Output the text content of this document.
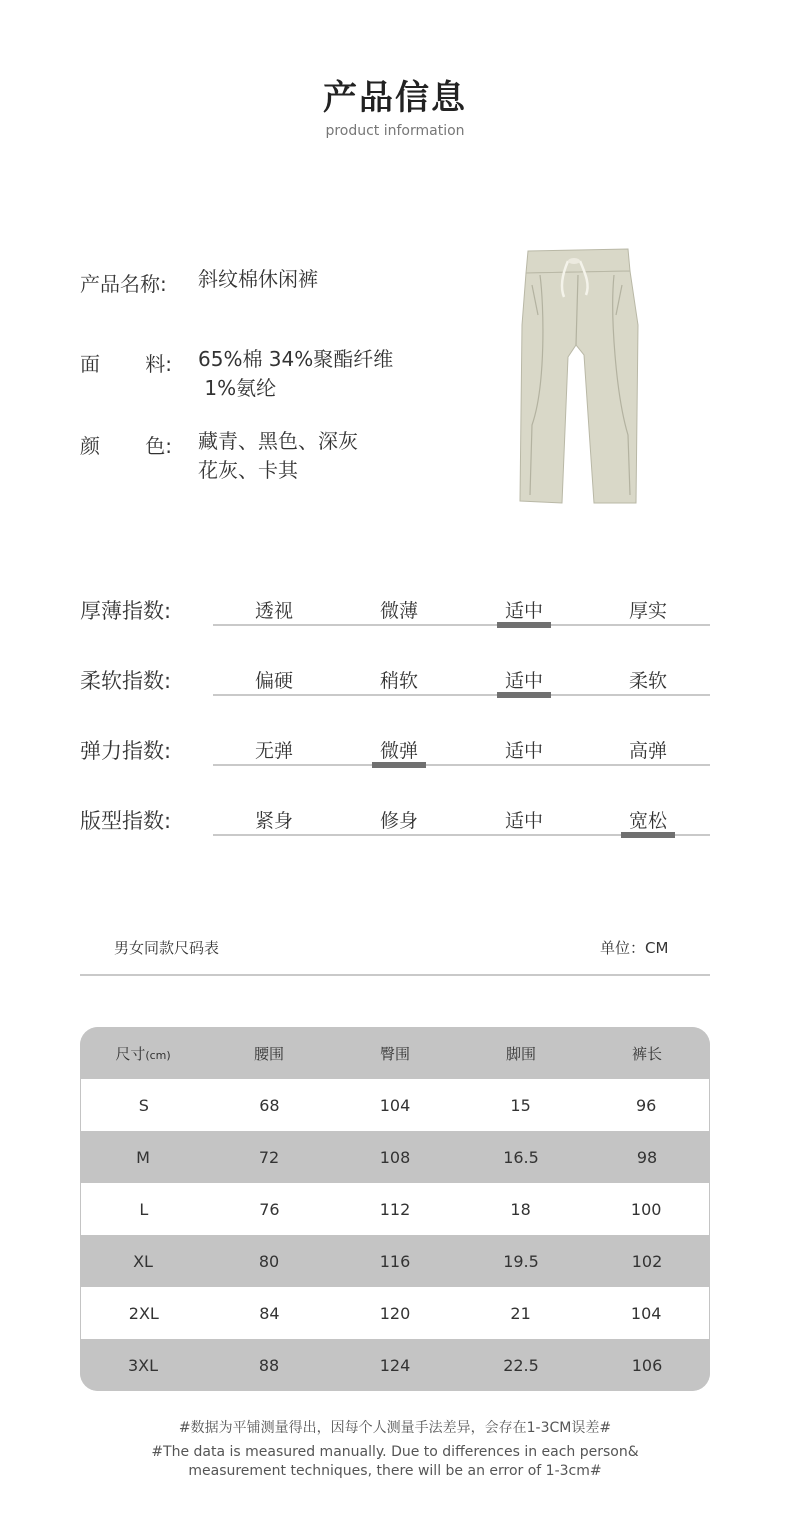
产品信息
product information
产品名称:	斜纹棉休闲裤
面 料: 65%棉 34%聚酯纤维
1%氨纶
颜 色: 藏青、黑色、深灰
花灰、卡其
厚薄指数:	透视	微薄	适中	厚实
柔软指数:	偏硬	稍软	适中	柔软
弹力指数:	无弹	微弹	适中	高弹
版型指数:	紧身	修身	适中	宽松
男女同款尺码表	单位：CM
尺寸(cm)	腰围	臀围	脚围	裤长
S	68	104	15	96
M	72	108	16.5	98
L	76	112	18	100
XL	80	116	19.5	102
2XL	84	120	21	104
3XL	88	124	22.5	106
#数据为平铺测量得出，因每个人测量手法差异，会存在1-3CM误差#
#The data is measured manually. Due to differences in each person&
measurement techniques, there will be an error of 1-3cm#
